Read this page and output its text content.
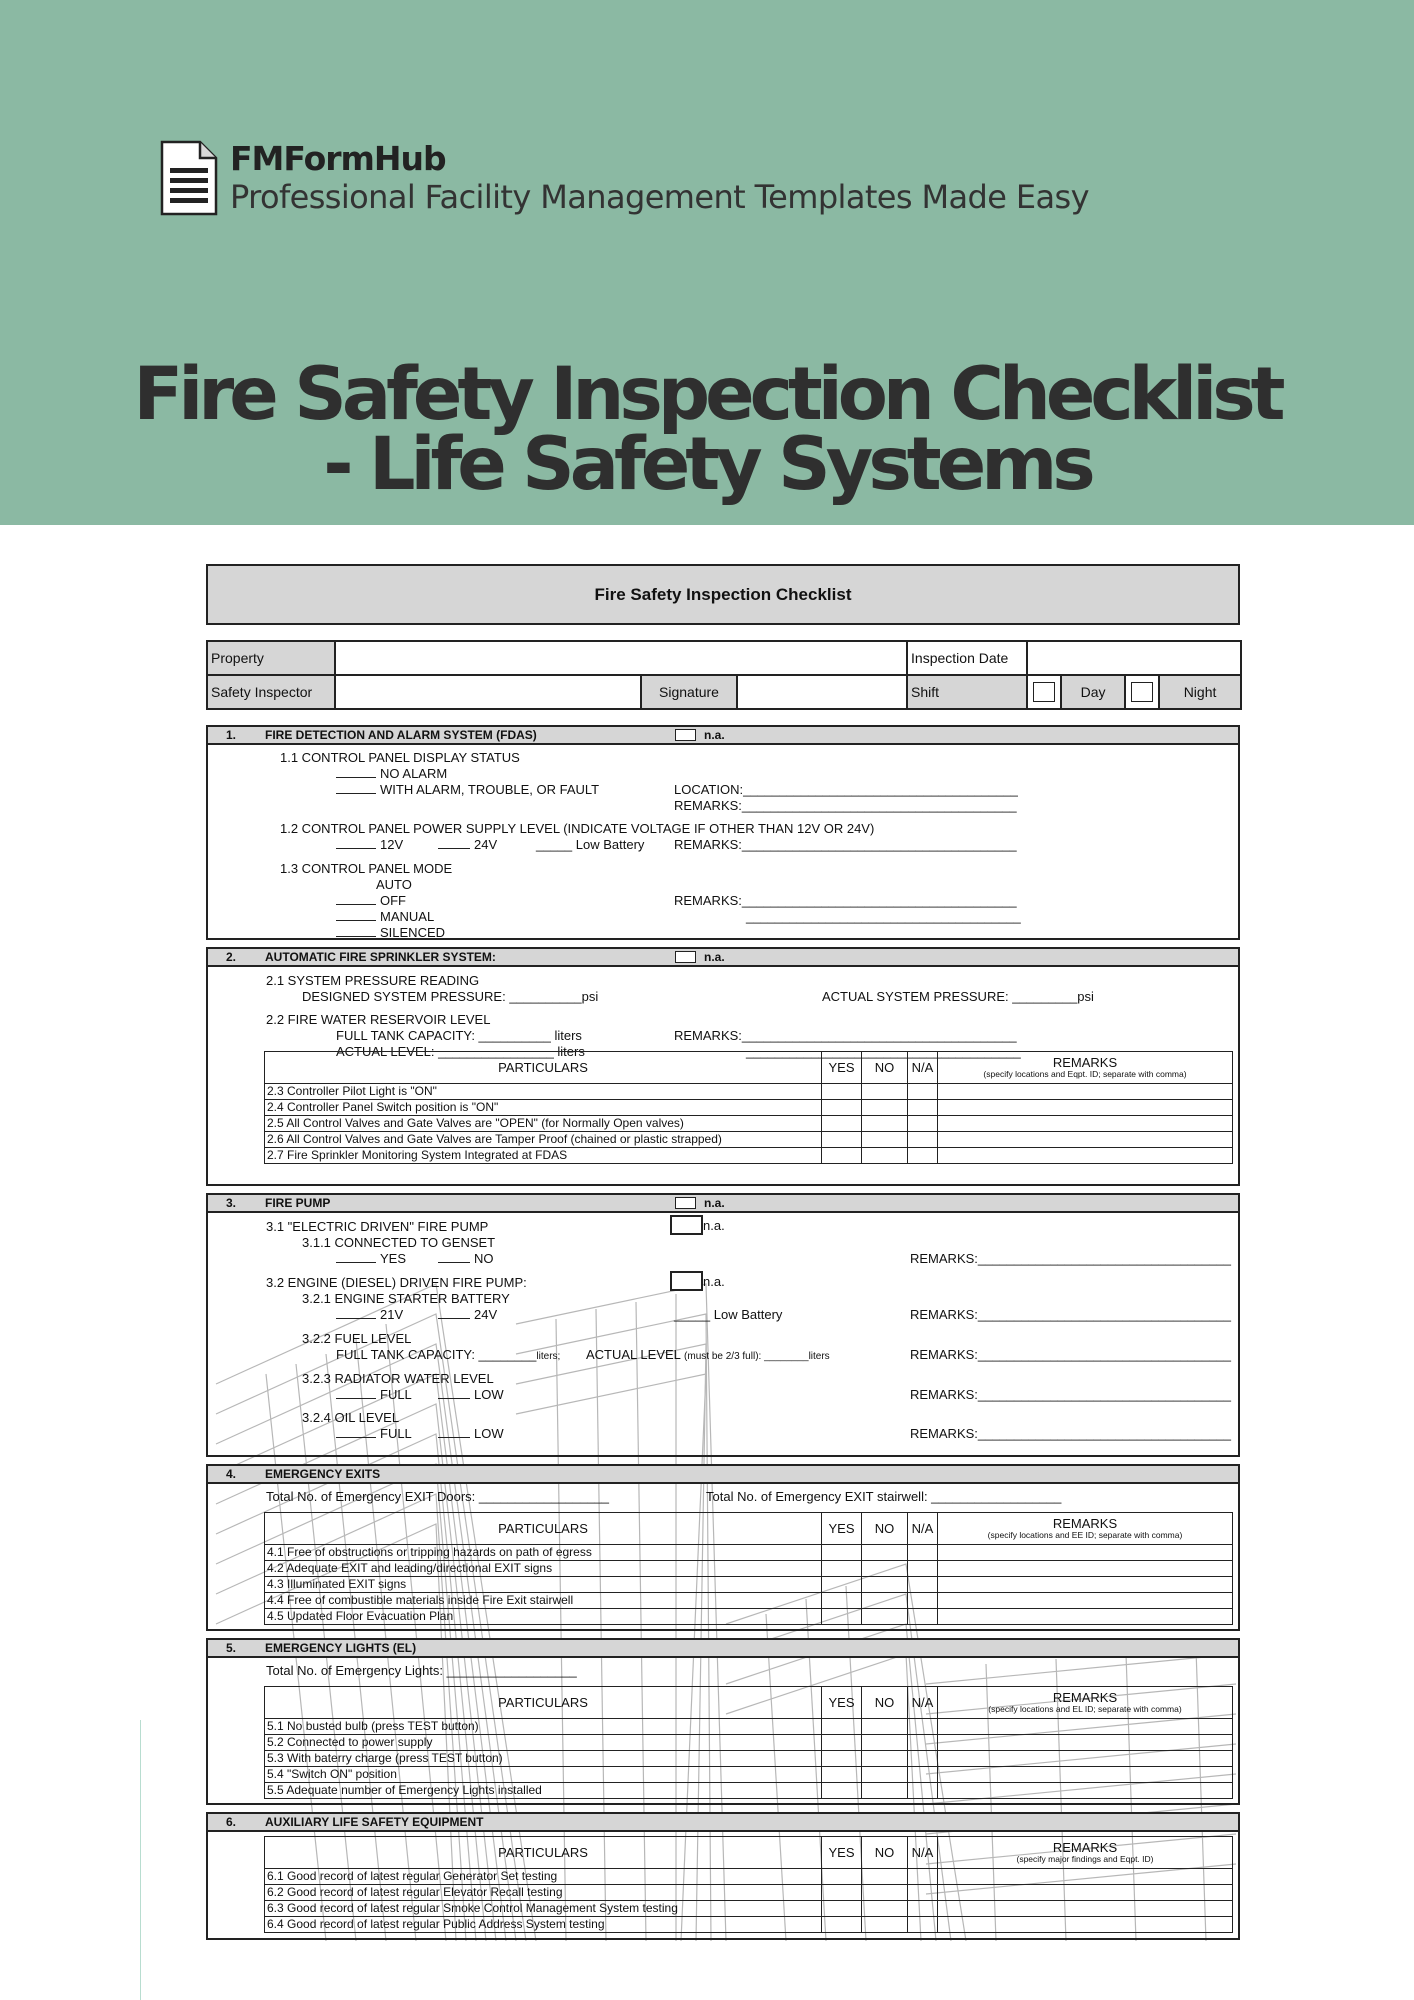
FMFormHub
Professional Facility Management Templates Made Easy
Fire Safety Inspection Checklist
- Life Safety Systems
Fire Safety Inspection Checklist
Property				Inspection Date				
Safety Inspector		Signature		Shift		Day		Night
1. FIRE DETECTION AND ALARM SYSTEM (FDAS)	n.a.
1.1 CONTROL PANEL DISPLAY STATUS
NO ALARM
WITH ALARM, TROUBLE, OR FAULT	LOCATION:______________________________________
REMARKS:______________________________________
1.2 CONTROL PANEL POWER SUPPLY LEVEL (INDICATE VOLTAGE IF OTHER THAN 12V OR 24V)
12V	24V	_____ Low Battery REMARKS:______________________________________
1.3 CONTROL PANEL MODE
AUTO
OFF	REMARKS:______________________________________
MANUAL	______________________________________
SILENCED
2. AUTOMATIC FIRE SPRINKLER SYSTEM:	n.a.
2.1 SYSTEM PRESSURE READING
DESIGNED SYSTEM PRESSURE: __________psi	ACTUAL SYSTEM PRESSURE: _________psi
2.2 FIRE WATER RESERVOIR LEVEL
FULL TANK CAPACITY: __________ liters	REMARKS:______________________________________
ACTUAL LEVEL: ________________ liters	______________________________________
PARTICULARS	YES	NO	N/A	REMARKS
(specify locations and Eqpt. ID; separate with comma)

2.3 Controller Pilot Light is "ON"				
2.4 Controller Panel Switch position is "ON"				
2.5 All Control Valves and Gate Valves are "OPEN" (for Normally Open valves)				
2.6 All Control Valves and Gate Valves are Tamper Proof (chained or plastic strapped)				
2.7 Fire Sprinkler Monitoring System Integrated at FDAS				
3. FIRE PUMP	n.a.
3.1 "ELECTRIC DRIVEN" FIRE PUMP	n.a.
3.1.1 CONNECTED TO GENSET
YES	NO	REMARKS:___________________________________
3.2 ENGINE (DIESEL) DRIVEN FIRE PUMP:	n.a.
3.2.1 ENGINE STARTER BATTERY
21V	24V	_____ Low Battery	REMARKS:___________________________________
3.2.2 FUEL LEVEL
FULL TANK CAPACITY: ________liters; ACTUAL LEVEL (must be 2/3 full): ________liters	REMARKS:___________________________________
3.2.3 RADIATOR WATER LEVEL
FULL	LOW	REMARKS:___________________________________
3.2.4 OIL LEVEL
FULL	LOW	REMARKS:___________________________________
4. EMERGENCY EXITS
Total No. of Emergency EXIT Doors: __________________	Total No. of Emergency EXIT stairwell: __________________
PARTICULARS	YES	NO	N/A	REMARKS
(specify locations and EE ID; separate with comma)

4.1 Free of obstructions or tripping hazards on path of egress				
4.2 Adequate EXIT and leading/directional EXIT signs				
4.3 Illuminated EXIT signs				
4.4 Free of combustible materials inside Fire Exit stairwell				
4.5 Updated Floor Evacuation Plan				
5. EMERGENCY LIGHTS (EL)
Total No. of Emergency Lights: __________________
PARTICULARS	YES	NO	N/A	REMARKS
(specify locations and EL ID; separate with comma)

5.1 No busted bulb (press TEST button)				
5.2 Connected to power supply				
5.3 With baterry charge (press TEST button)				
5.4 "Switch ON" position				
5.5 Adequate number of Emergency Lights installed				
6. AUXILIARY LIFE SAFETY EQUIPMENT
PARTICULARS	YES	NO	N/A	REMARKS
(specify major findings and Eqpt. ID)

6.1 Good record of latest regular Generator Set testing				
6.2 Good record of latest regular Elevator Recall testing				
6.3 Good record of latest regular Smoke Control Management System testing				
6.4 Good record of latest regular Public Address System testing				
